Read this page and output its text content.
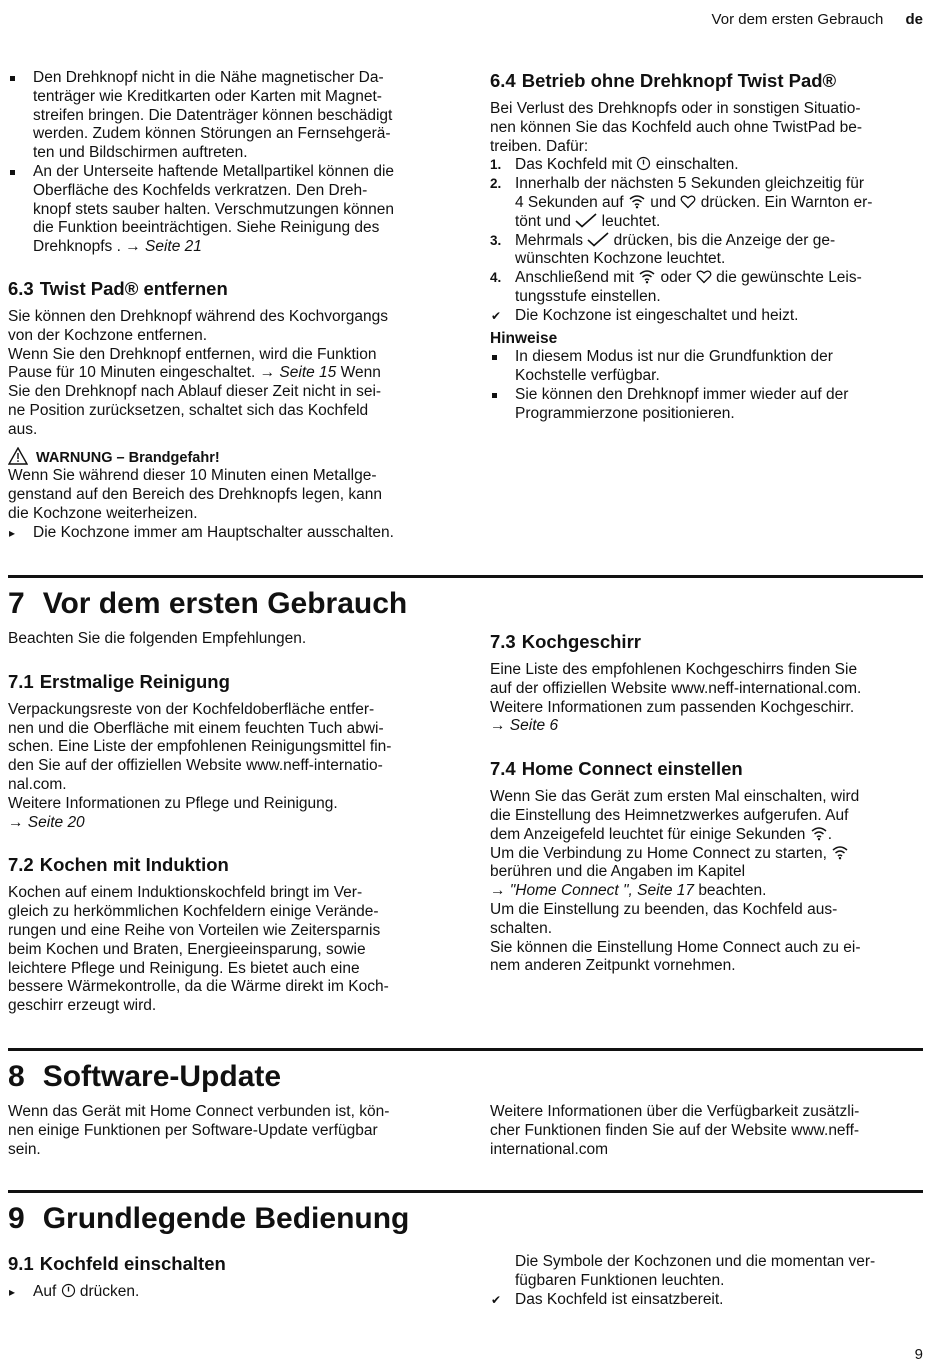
Vor dem ersten Gebrauch de
Den Drehknopf nicht in die Nähe magnetischer Da-
tenträger wie Kreditkarten oder Karten mit Magnet-
streifen bringen. Die Datenträger können beschädigt
werden. Zudem können Störungen an Fernsehgerä-
ten und Bildschirmen auftreten.
An der Unterseite haftende Metallpartikel können die
Oberfläche des Kochfelds verkratzen. Den Dreh-
knopf stets sauber halten. Verschmutzungen können
die Funktion beeinträchtigen. Siehe Reinigung des
Drehknopfs . → Seite 21
6.3 Twist Pad® entfernen
Sie können den Drehknopf während des Kochvorgangs
von der Kochzone entfernen.
Wenn Sie den Drehknopf entfernen, wird die Funktion
Pause für 10 Minuten eingeschaltet. → Seite 15 Wenn
Sie den Drehknopf nach Ablauf dieser Zeit nicht in sei-
ne Position zurücksetzen, schaltet sich das Kochfeld
aus.
WARNUNG – Brandgefahr!
Wenn Sie während dieser 10 Minuten einen Metallge-
genstand auf den Bereich des Drehknopfs legen, kann
die Kochzone weiterheizen.
▸ Die Kochzone immer am Hauptschalter ausschalten.
6.4 Betrieb ohne Drehknopf Twist Pad®
Bei Verlust des Drehknopfs oder in sonstigen Situatio-
nen können Sie das Kochfeld auch ohne TwistPad be-
treiben. Dafür:
1. Das Kochfeld mit einschalten.
2. Innerhalb der nächsten 5 Sekunden gleichzeitig für
4 Sekunden auf und drücken. Ein Warnton er-
tönt und leuchtet.
3. Mehrmals drücken, bis die Anzeige der ge-
wünschten Kochzone leuchtet.
4. Anschließend mit oder die gewünschte Leis-
tungsstufe einstellen.
✔ Die Kochzone ist eingeschaltet und heizt.
Hinweise
In diesem Modus ist nur die Grundfunktion der
Kochstelle verfügbar.
Sie können den Drehknopf immer wieder auf der
Programmierzone positionieren.
7 Vor dem ersten Gebrauch
Beachten Sie die folgenden Empfehlungen.
7.1 Erstmalige Reinigung
Verpackungsreste von der Kochfeldoberfläche entfer-
nen und die Oberfläche mit einem feuchten Tuch abwi-
schen. Eine Liste der empfohlenen Reinigungsmittel fin-
den Sie auf der offiziellen Website www.neff-internatio-
nal.com.
Weitere Informationen zu Pflege und Reinigung.
→ Seite 20
7.2 Kochen mit Induktion
Kochen auf einem Induktionskochfeld bringt im Ver-
gleich zu herkömmlichen Kochfeldern einige Verände-
rungen und eine Reihe von Vorteilen wie Zeitersparnis
beim Kochen und Braten, Energieeinsparung, sowie
leichtere Pflege und Reinigung. Es bietet auch eine
bessere Wärmekontrolle, da die Wärme direkt im Koch-
geschirr erzeugt wird.
7.3 Kochgeschirr
Eine Liste des empfohlenen Kochgeschirrs finden Sie
auf der offiziellen Website www.neff-international.com.
Weitere Informationen zum passenden Kochgeschirr.
→ Seite 6
7.4 Home Connect einstellen
Wenn Sie das Gerät zum ersten Mal einschalten, wird
die Einstellung des Heimnetzwerkes aufgerufen. Auf
dem Anzeigefeld leuchtet für einige Sekunden .
Um die Verbindung zu Home Connect zu starten,
berühren und die Angaben im Kapitel
→ "Home Connect ", Seite 17 beachten.
Um die Einstellung zu beenden, das Kochfeld aus-
schalten.
Sie können die Einstellung Home Connect auch zu ei-
nem anderen Zeitpunkt vornehmen.
8 Software-Update
Wenn das Gerät mit Home Connect verbunden ist, kön-
nen einige Funktionen per Software-Update verfügbar
sein.
Weitere Informationen über die Verfügbarkeit zusätzli-
cher Funktionen finden Sie auf der Website www.neff-
international.com
9 Grundlegende Bedienung
9.1 Kochfeld einschalten
▸ Auf drücken.
Die Symbole der Kochzonen und die momentan ver-
fügbaren Funktionen leuchten.
✔ Das Kochfeld ist einsatzbereit.
9
